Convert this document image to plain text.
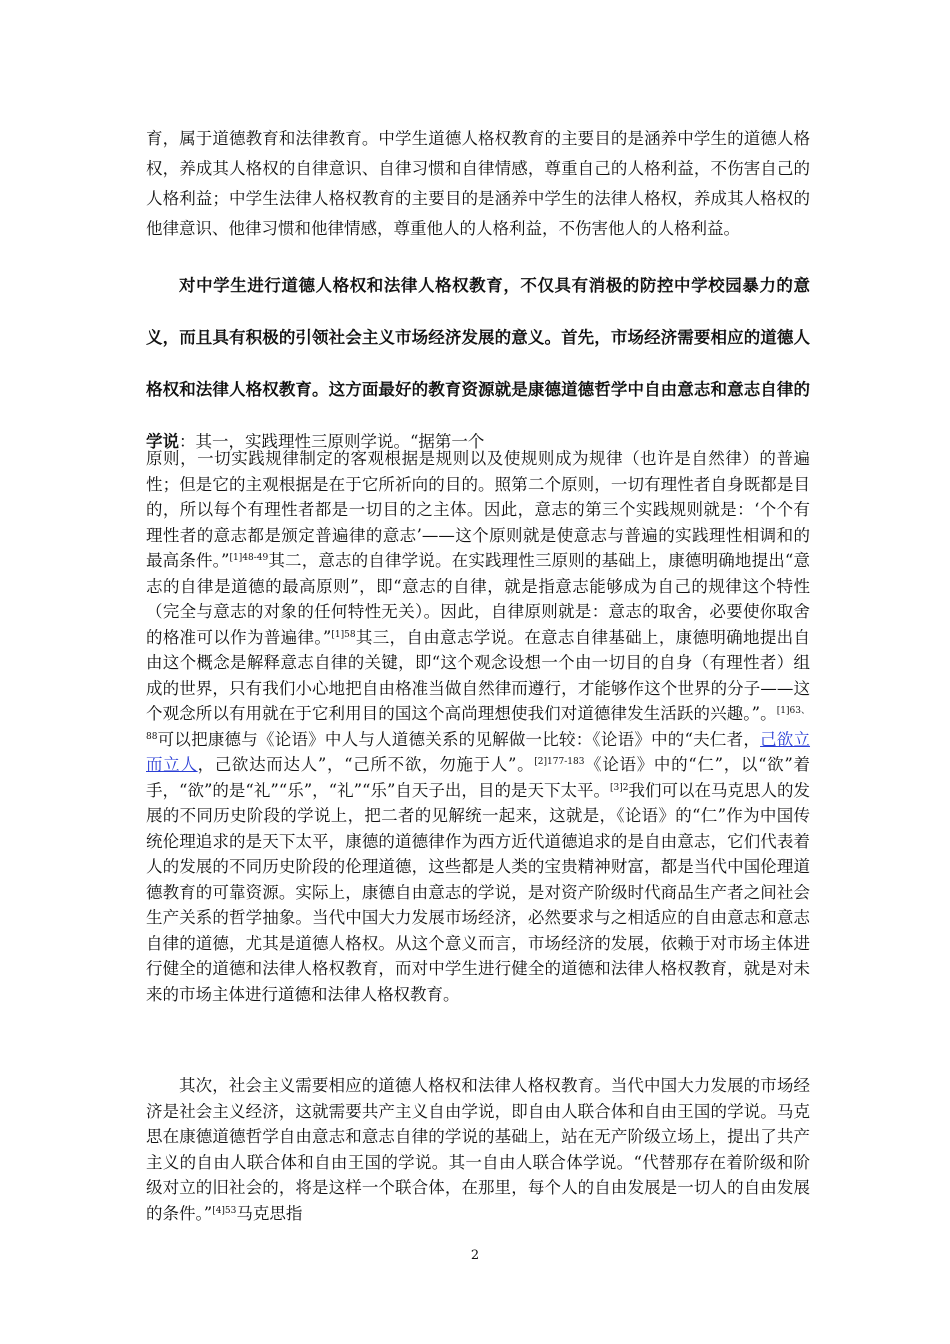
育，属于道德教育和法律教育。中学生道德人格权教育的主要目的是涵养中学生的道德人格权，养成其人格权的自律意识、自律习惯和自律情感，尊重自己的人格利益，不伤害自己的人格利益；中学生法律人格权教育的主要目的是涵养中学生的法律人格权，养成其人格权的他律意识、他律习惯和他律情感，尊重他人的人格利益，不伤害他人的人格利益。

对中学生进行道德人格权和法律人格权教育，不仅具有消极的防控中学校园暴力的意义，而且具有积极的引领社会主义市场经济发展的意义。首先，市场经济需要相应的道德人格权和法律人格权教育。这方面最好的教育资源就是康德道德哲学中自由意志和意志自律的学说：其一，实践理性三原则学说。“据第一个

原则，一切实践规律制定的客观根据是规则以及使规则成为规律（也许是自然律）的普遍性；但是它的主观根据是在于它所祈向的目的。照第二个原则，一切有理性者自身既都是目的，所以每个有理性者都是一切目的之主体。因此，意志的第三个实践规则就是：‘个个有理性者的意志都是颁定普遍律的意志’——这个原则就是使意志与普遍的实践理性相调和的最高条件。”$^{[1]48-49}$其二，意志的自律学说。在实践理性三原则的基础上，康德明确地提出“意志的自律是道德的最高原则”，即“意志的自律，就是指意志能够成为自己的规律这个特性（完全与意志的对象的任何特性无关）。因此，自律原则就是：意志的取舍，必要使你取舍的格准可以作为普遍律。”$^{[1]58}$其三，自由意志学说。在意志自律基础上，康德明确地提出自由这个概念是解释意志自律的关键，即“这个观念设想一个由一切目的自身（有理性者）组成的世界，只有我们小心地把自由格准当做自然律而遵行，才能够作这个世界的分子——这个观念所以有用就在于它利用目的国这个高尚理想使我们对道德律发生活跃的兴趣。”。$^{[1]63、88}$可以把康德与《论语》中人与人道德关系的见解做一比较：《论语》中的“夫仁者，己欲立而立人，己欲达而达人”，“己所不欲，勿施于人”。$^{[2]177-183}$《论语》中的“仁”，以“欲”着手，“欲”的是“礼”“乐”，“礼”“乐”自天子出，目的是天下太平。$^{[3]2}$我们可以在马克思人的发展的不同历史阶段的学说上，把二者的见解统一起来，这就是，《论语》的“仁”作为中国传统伦理追求的是天下太平，康德的道德律作为西方近代道德追求的是自由意志，它们代表着人的发展的不同历史阶段的伦理道德，这些都是人类的宝贵精神财富，都是当代中国伦理道德教育的可靠资源。实际上，康德自由意志的学说，是对资产阶级时代商品生产者之间社会生产关系的哲学抽象。当代中国大力发展市场经济，必然要求与之相适应的自由意志和意志自律的道德，尤其是道德人格权。从这个意义而言，市场经济的发展，依赖于对市场主体进行健全的道德和法律人格权教育，而对中学生进行健全的道德和法律人格权教育，就是对未来的市场主体进行道德和法律人格权教育。

其次，社会主义需要相应的道德人格权和法律人格权教育。当代中国大力发展的市场经济是社会主义经济，这就需要共产主义自由学说，即自由人联合体和自由王国的学说。马克思在康德道德哲学自由意志和意志自律的学说的基础上，站在无产阶级立场上，提出了共产主义的自由人联合体和自由王国的学说。其一自由人联合体学说。“代替那存在着阶级和阶级对立的旧社会的，将是这样一个联合体，在那里，每个人的自由发展是一切人的自由发展的条件。”$^{[4]53}$马克思指

2
